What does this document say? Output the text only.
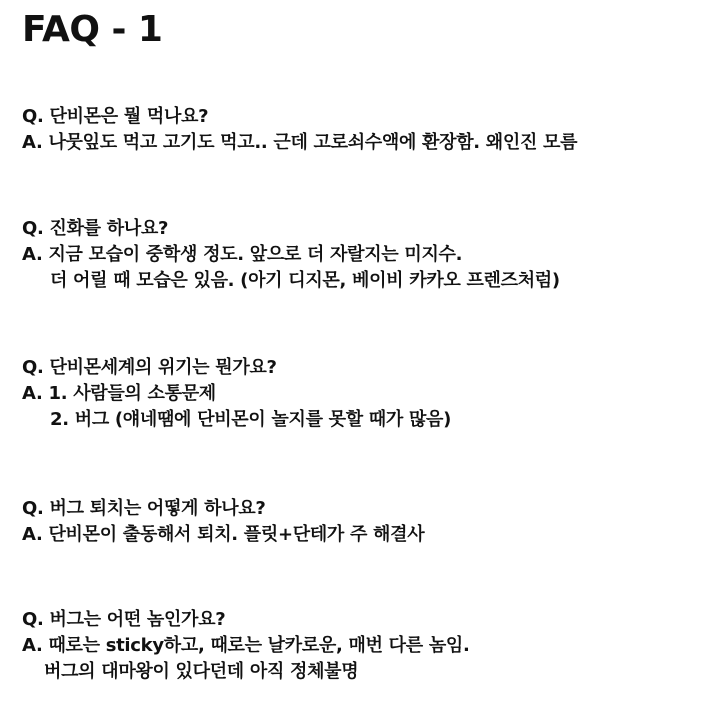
FAQ - 1
Q. 단비몬은 뭘 먹나요?
A. 나뭇잎도 먹고 고기도 먹고.. 근데 고로쇠수액에 환장함. 왜인진 모름
Q. 진화를 하나요?
A. 지금 모습이 중학생 정도. 앞으로 더 자랄지는 미지수.
더 어릴 때 모습은 있음. (아기 디지몬, 베이비 카카오 프렌즈처럼)
Q. 단비몬세계의 위기는 뭔가요?
A. 1. 사람들의 소통문제
2. 버그 (얘네땜에 단비몬이 놀지를 못할 때가 많음)
Q. 버그 퇴치는 어떻게 하나요?
A. 단비몬이 출동해서 퇴치. 플릿+단테가 주 해결사
Q. 버그는 어떤 놈인가요?
A. 때로는 sticky하고, 때로는 날카로운, 매번 다른 놈임.
버그의 대마왕이 있다던데 아직 정체불명
